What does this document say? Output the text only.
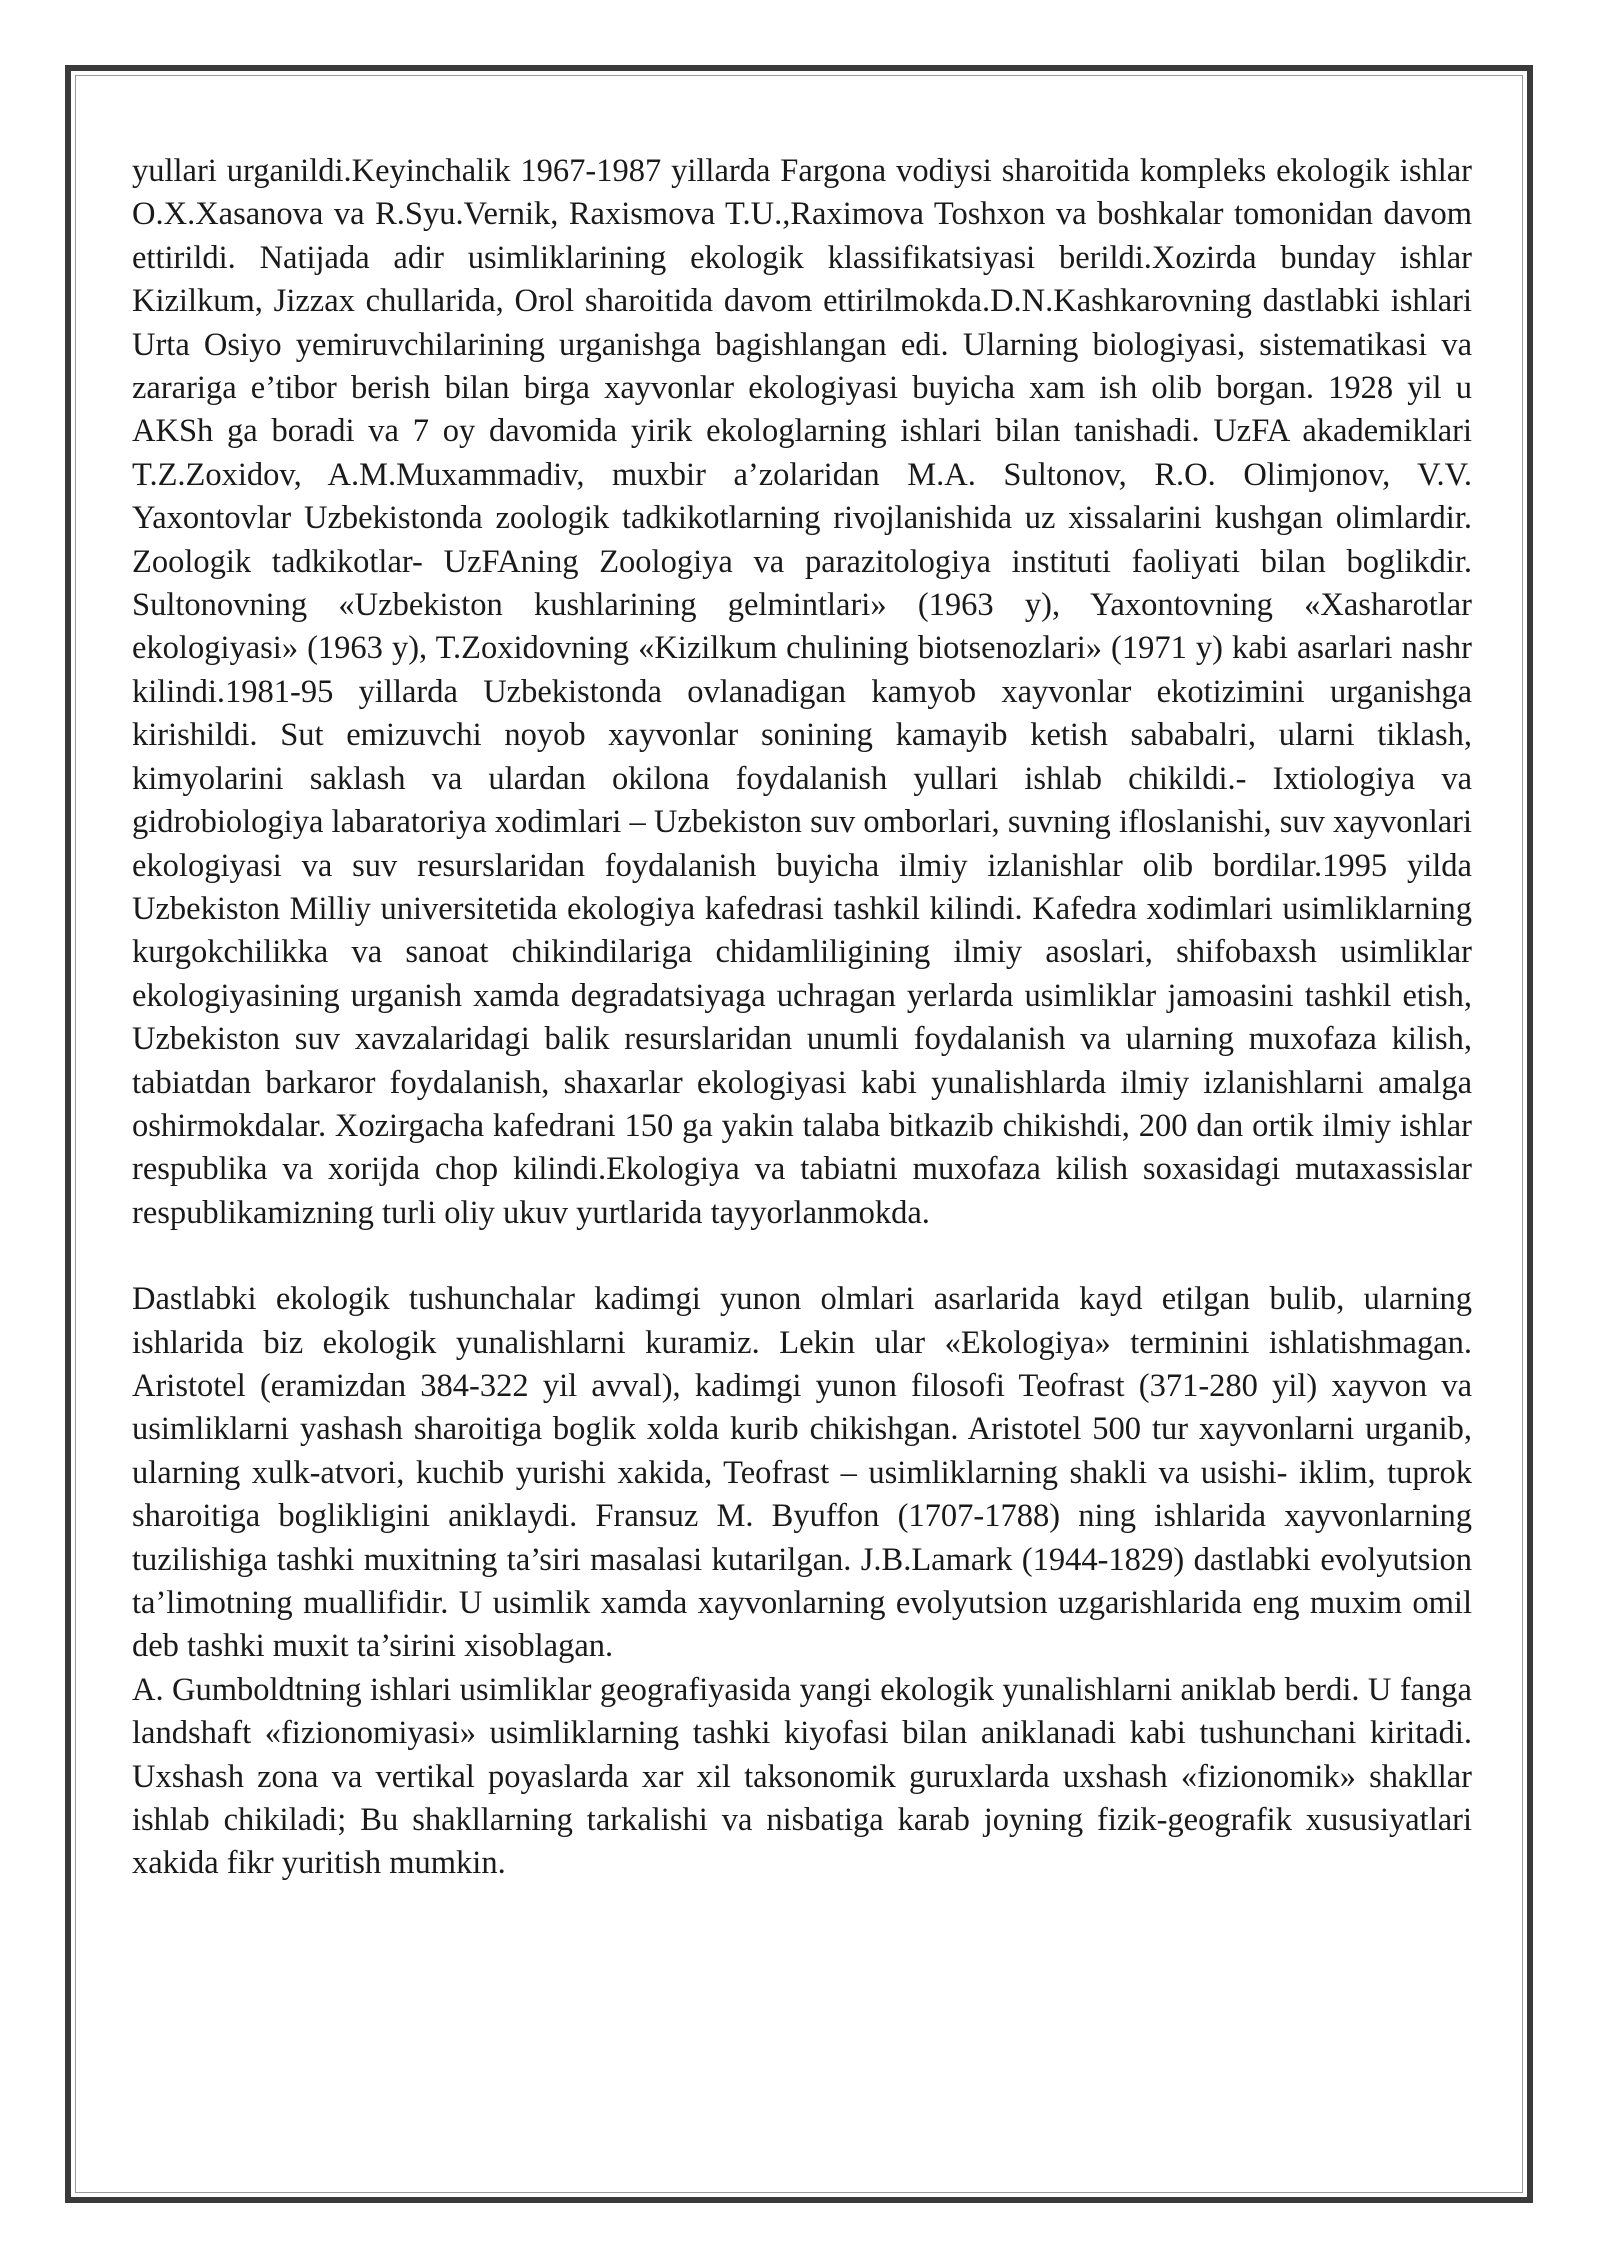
yullari urganildi.Keyinchalik 1967-1987 yillarda Fargona vodiysi sharoitida kompleks ekologik ishlar O.X.Xasanova va R.Syu.Vernik, Raxismova T.U.,Raximova Toshxon va boshkalar tomonidan davom ettirildi. Natijada adir usimliklarining ekologik klassifikatsiyasi berildi.Xozirda bunday ishlar Kizilkum, Jizzax chullarida, Orol sharoitida davom ettirilmokda.D.N.Kashkarovning dastlabki ishlari Urta Osiyo yemiruvchilarining urganishga bagishlangan edi. Ularning biologiyasi, sistematikasi va zarariga e’tibor berish bilan birga xayvonlar ekologiyasi buyicha xam ish olib borgan. 1928 yil u AKSh ga boradi va 7 oy davomida yirik ekologlarning ishlari bilan tanishadi. UzFA akademiklari T.Z.Zoxidov, A.M.Muxammadiv, muxbir a’zolaridan M.A. Sultonov, R.O. Olimjonov, V.V. Yaxontovlar Uzbekistonda zoologik tadkikotlarning rivojlanishida uz xissalarini kushgan olimlardir. Zoologik tadkikotlar- UzFAning Zoologiya va parazitologiya instituti faoliyati bilan boglikdir. Sultonovning «Uzbekiston kushlarining gelmintlari» (1963 y), Yaxontovning «Xasharotlar ekologiyasi» (1963 y), T.Zoxidovning «Kizilkum chulining biotsenozlari» (1971 y) kabi asarlari nashr kilindi.1981-95 yillarda Uzbekistonda ovlanadigan kamyob xayvonlar ekotizimini urganishga kirishildi. Sut emizuvchi noyob xayvonlar sonining kamayib ketish sababalri, ularni tiklash, kimyolarini saklash va ulardan okilona foydalanish yullari ishlab chikildi.- Ixtiologiya va gidrobiologiya labaratoriya xodimlari – Uzbekiston suv omborlari, suvning ifloslanishi, suv xayvonlari ekologiyasi va suv resurslaridan foydalanish buyicha ilmiy izlanishlar olib bordilar.1995 yilda Uzbekiston Milliy universitetida ekologiya kafedrasi tashkil kilindi. Kafedra xodimlari usimliklarning kurgokchilikka va sanoat chikindilariga chidamliligining ilmiy asoslari, shifobaxsh usimliklar ekologiyasining urganish xamda degradatsiyaga uchragan yerlarda usimliklar jamoasini tashkil etish, Uzbekiston suv xavzalaridagi balik resurslaridan unumli foydalanish va ularning muxofaza kilish, tabiatdan barkaror foydalanish, shaxarlar ekologiyasi kabi yunalishlarda ilmiy izlanishlarni amalga oshirmokdalar. Xozirgacha kafedrani 150 ga yakin talaba bitkazib chikishdi, 200 dan ortik ilmiy ishlar respublika va xorijda chop kilindi.Ekologiya va tabiatni muxofaza kilish soxasidagi mutaxassislar respublikamizning turli oliy ukuv yurtlarida tayyorlanmokda.

Dastlabki ekologik tushunchalar kadimgi yunon olmlari asarlarida kayd etilgan bulib, ularning ishlarida biz ekologik yunalishlarni kuramiz. Lekin ular «Ekologiya» terminini ishlatishmagan. Aristotel (eramizdan 384-322 yil avval), kadimgi yunon filosofi Teofrast (371-280 yil) xayvon va usimliklarni yashash sharoitiga boglik xolda kurib chikishgan. Aristotel 500 tur xayvonlarni urganib, ularning xulk-atvori, kuchib yurishi xakida, Teofrast – usimliklarning shakli va usishi- iklim, tuprok sharoitiga boglikligini aniklaydi. Fransuz M. Byuffon (1707-1788) ning ishlarida xayvonlarning tuzilishiga tashki muxitning ta’siri masalasi kutarilgan. J.B.Lamark (1944-1829) dastlabki evolyutsion ta’limotning muallifidir. U usimlik xamda xayvonlarning evolyutsion uzgarishlarida eng muxim omil deb tashki muxit ta’sirini xisoblagan.

A. Gumboldtning ishlari usimliklar geografiyasida yangi ekologik yunalishlarni aniklab berdi. U fanga landshaft «fizionomiyasi» usimliklarning tashki kiyofasi bilan aniklanadi kabi tushunchani kiritadi. Uxshash zona va vertikal poyaslarda xar xil taksonomik guruxlarda uxshash «fizionomik» shakllar ishlab chikiladi; Bu shakllarning tarkalishi va nisbatiga karab joyning fizik-geografik xususiyatlari xakida fikr yuritish mumkin.
